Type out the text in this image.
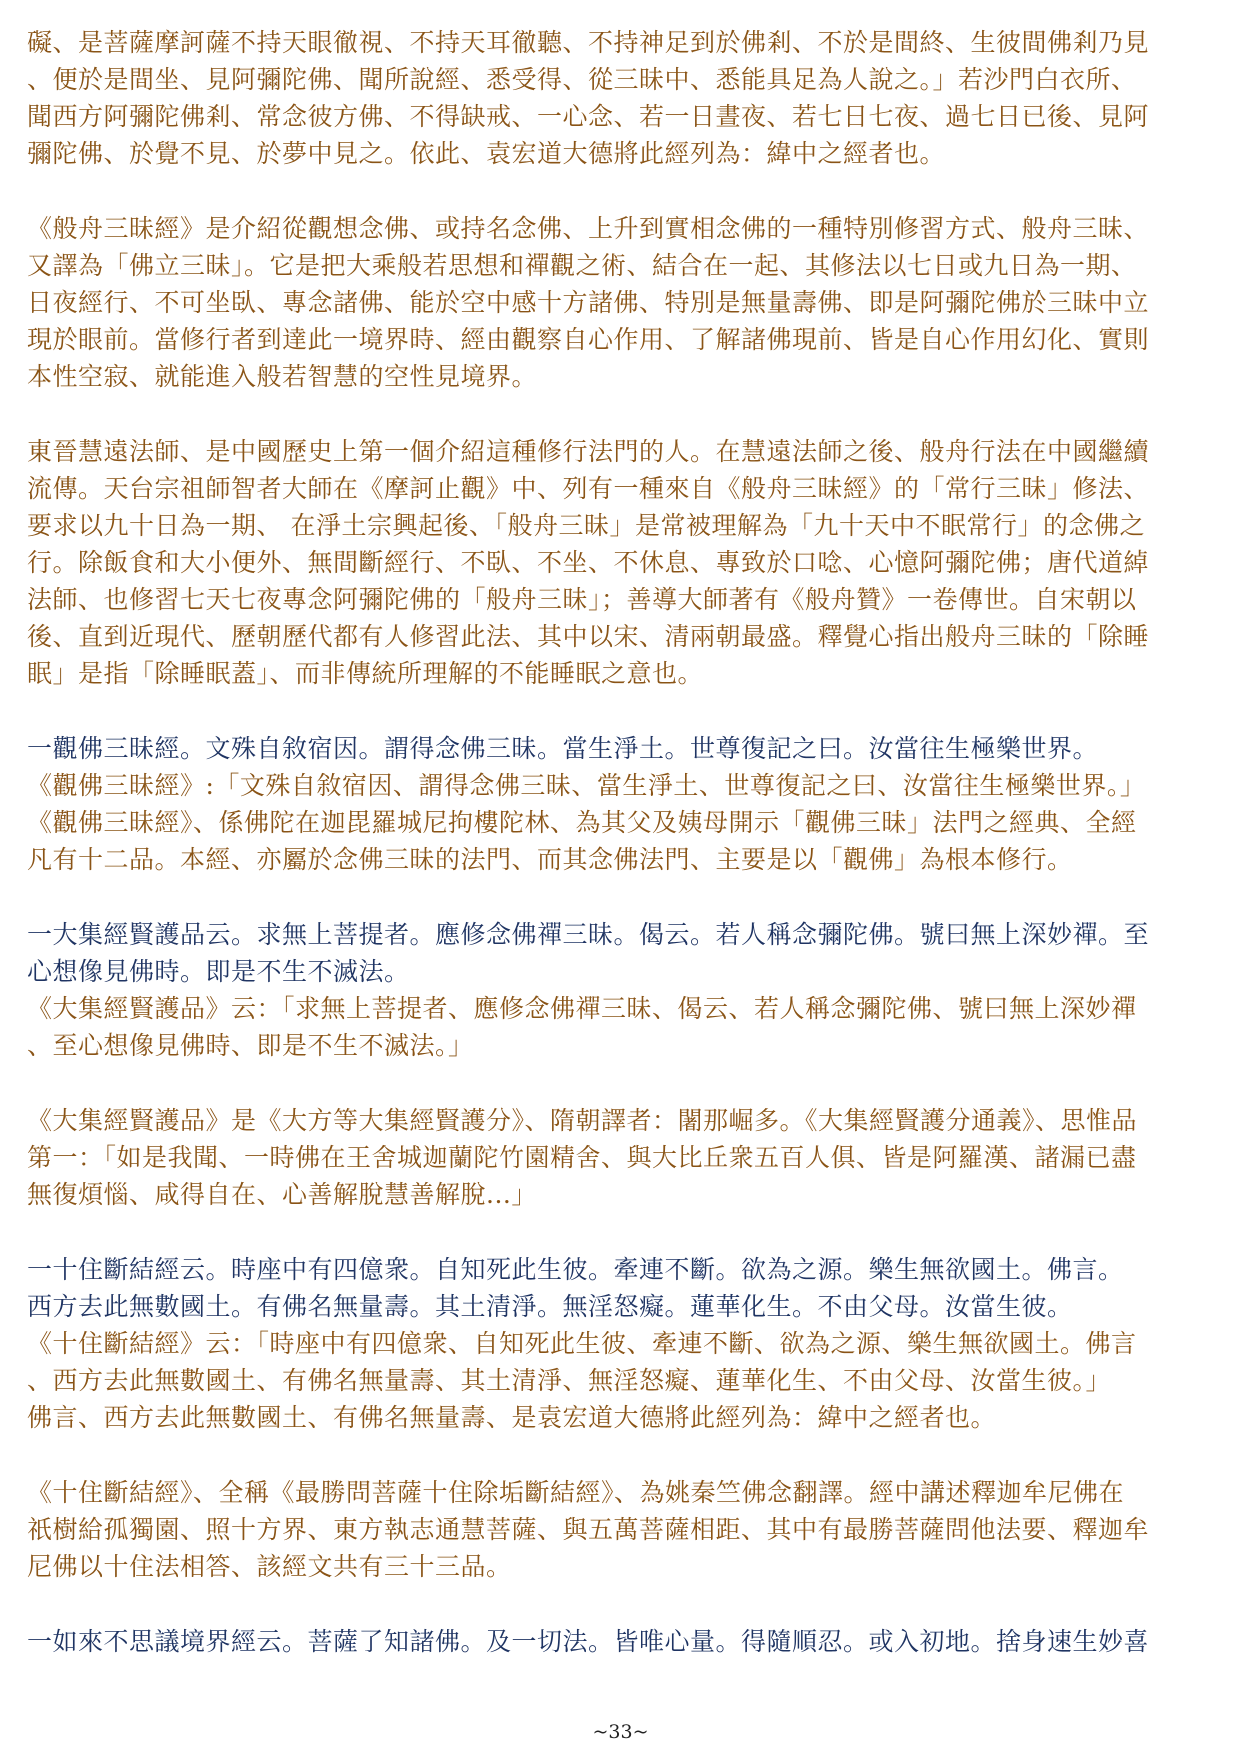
礙、是菩薩摩訶薩不持天眼徹視、不持天耳徹聽、不持神足到於佛剎、不於是間終、生彼間佛剎乃見
、便於是間坐、見阿彌陀佛、聞所說經、悉受得、從三昧中、悉能具足為人說之。」若沙門白衣所、
聞西方阿彌陀佛剎、常念彼方佛、不得缺戒、一心念、若一日晝夜、若七日七夜、過七日已後、見阿
彌陀佛、於覺不見、於夢中見之。依此、袁宏道大德將此經列為：緯中之經者也。
《般舟三昧經》是介紹從觀想念佛、或持名念佛、上升到實相念佛的一種特別修習方式、般舟三昧、
又譯為「佛立三昧」。它是把大乘般若思想和禪觀之術、結合在一起、其修法以七日或九日為一期、
日夜經行、不可坐臥、專念諸佛、能於空中感十方諸佛、特別是無量壽佛、即是阿彌陀佛於三昧中立
現於眼前。當修行者到達此一境界時、經由觀察自心作用、了解諸佛現前、皆是自心作用幻化、實則
本性空寂、就能進入般若智慧的空性見境界。
東晉慧遠法師、是中國歷史上第一個介紹這種修行法門的人。在慧遠法師之後、般舟行法在中國繼續
流傳。天台宗祖師智者大師在《摩訶止觀》中、列有一種來自《般舟三昧經》的「常行三昧」修法、
要求以九十日為一期、 在淨土宗興起後、「般舟三昧」是常被理解為「九十天中不眠常行」的念佛之
行。除飯食和大小便外、無間斷經行、不臥、不坐、不休息、專致於口唸、心憶阿彌陀佛；唐代道綽
法師、也修習七天七夜專念阿彌陀佛的「般舟三昧」；善導大師著有《般舟贊》一卷傳世。自宋朝以
後、直到近現代、歷朝歷代都有人修習此法、其中以宋、清兩朝最盛。釋覺心指出般舟三昧的「除睡
眠」是指「除睡眠蓋」、而非傳統所理解的不能睡眠之意也。
一觀佛三昧經。文殊自敘宿因。謂得念佛三昧。當生淨土。世尊復記之曰。汝當往生極樂世界。
《觀佛三昧經》:「文殊自敘宿因、謂得念佛三昧、當生淨土、世尊復記之曰、汝當往生極樂世界。」
《觀佛三昧經》、係佛陀在迦毘羅城尼拘樓陀林、為其父及姨母開示「觀佛三昧」法門之經典、全經
凡有十二品。本經、亦屬於念佛三昧的法門、而其念佛法門、主要是以「觀佛」為根本修行。
一大集經賢護品云。求無上菩提者。應修念佛禪三昧。偈云。若人稱念彌陀佛。號曰無上深妙禪。至
心想像見佛時。即是不生不滅法。
《大集經賢護品》云：「求無上菩提者、應修念佛禪三昧、偈云、若人稱念彌陀佛、號曰無上深妙禪
、至心想像見佛時、即是不生不滅法。」
《大集經賢護品》是《大方等大集經賢護分》、隋朝譯者：闍那崛多。《大集經賢護分通義》、思惟品
第一：「如是我聞、一時佛在王舍城迦蘭陀竹園精舍、與大比丘衆五百人俱、皆是阿羅漢、諸漏已盡
無復煩惱、咸得自在、心善解脫慧善解脫...」
一十住斷結經云。時座中有四億衆。自知死此生彼。牽連不斷。欲為之源。樂生無欲國土。佛言。
西方去此無數國土。有佛名無量壽。其土清淨。無淫怒癡。蓮華化生。不由父母。汝當生彼。
《十住斷結經》云：「時座中有四億衆、自知死此生彼、牽連不斷、欲為之源、樂生無欲國土。佛言
、西方去此無數國土、有佛名無量壽、其土清淨、無淫怒癡、蓮華化生、不由父母、汝當生彼。」
佛言、西方去此無數國土、有佛名無量壽、是袁宏道大德將此經列為：緯中之經者也。
《十住斷結經》、全稱《最勝問菩薩十住除垢斷結經》、為姚秦竺佛念翻譯。經中講述釋迦牟尼佛在
祇樹給孤獨園、照十方界、東方執志通慧菩薩、與五萬菩薩相距、其中有最勝菩薩問他法要、釋迦牟
尼佛以十住法相答、該經文共有三十三品。
一如來不思議境界經云。菩薩了知諸佛。及一切法。皆唯心量。得隨順忍。或入初地。捨身速生妙喜
~33~
